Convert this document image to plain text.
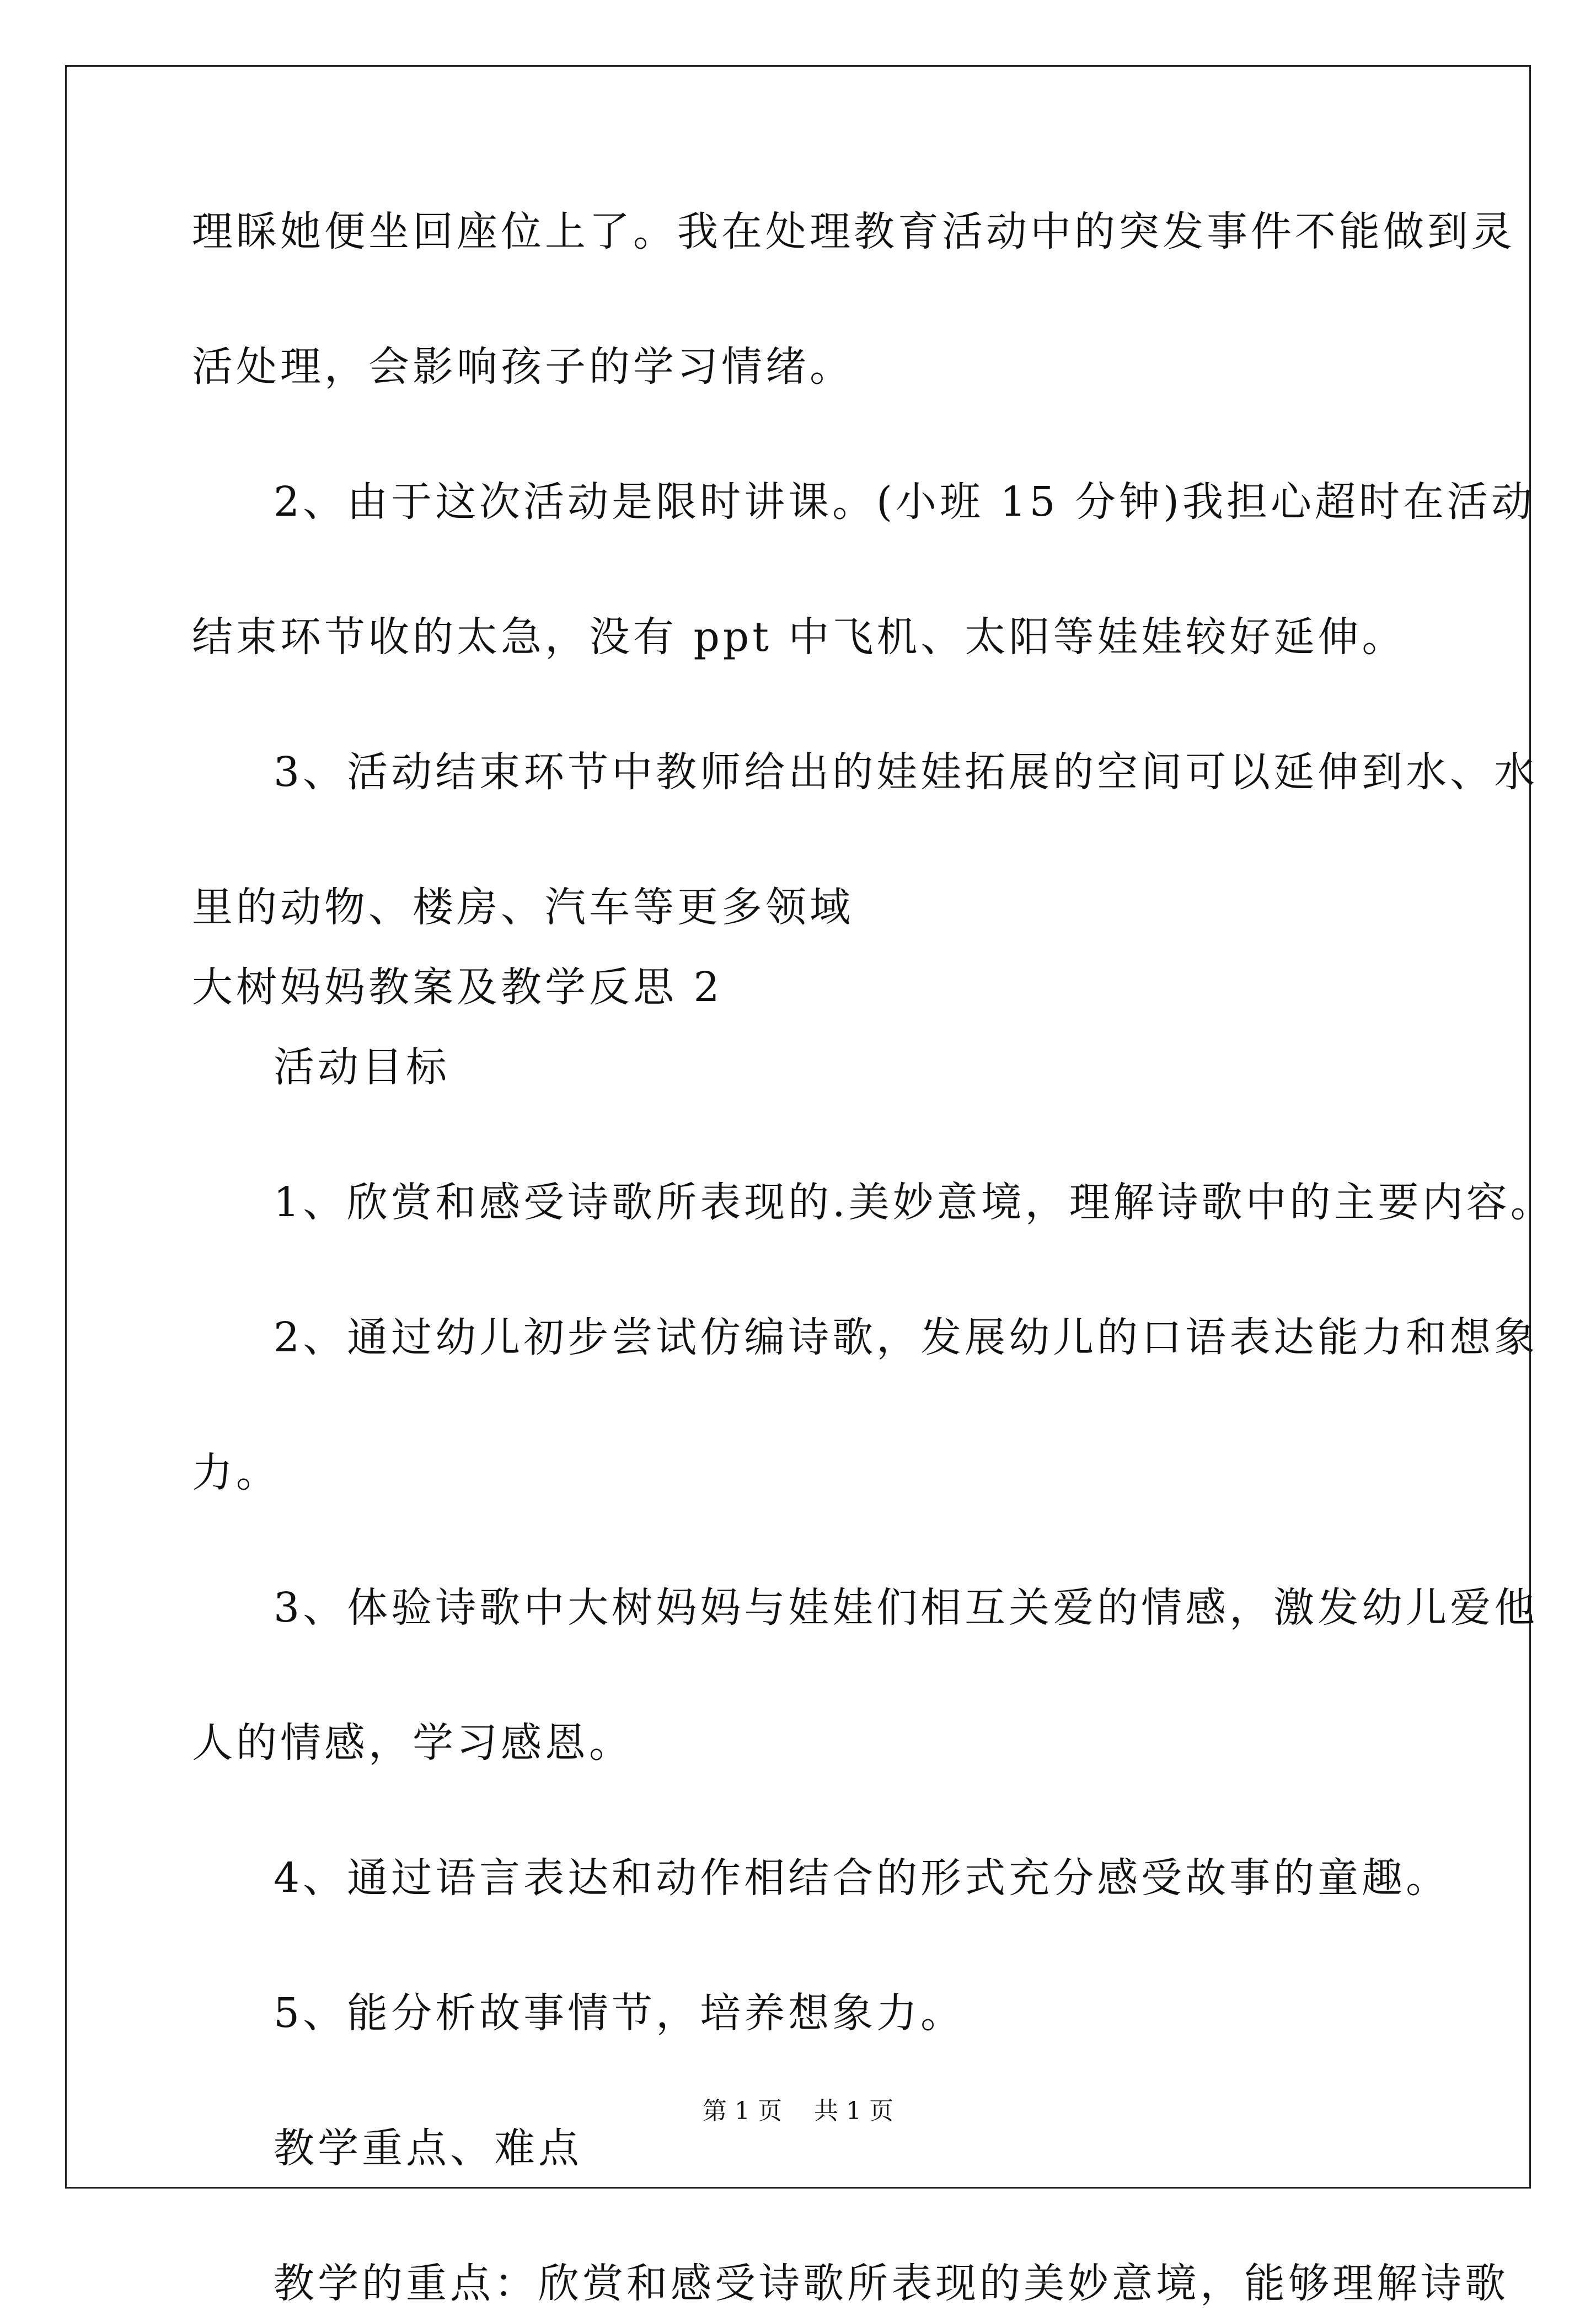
理睬她便坐回座位上了。我在处理教育活动中的突发事件不能做到灵
活处理，会影响孩子的学习情绪。
2、由于这次活动是限时讲课。(小班 15 分钟)我担心超时在活动
结束环节收的太急，没有 ppt 中飞机、太阳等娃娃较好延伸。
3、活动结束环节中教师给出的娃娃拓展的空间可以延伸到水、水
里的动物、楼房、汽车等更多领域
大树妈妈教案及教学反思 2
活动目标
1、欣赏和感受诗歌所表现的.美妙意境，理解诗歌中的主要内容。
2、通过幼儿初步尝试仿编诗歌，发展幼儿的口语表达能力和想象
力。
3、体验诗歌中大树妈妈与娃娃们相互关爱的情感，激发幼儿爱他
人的情感，学习感恩。
4、通过语言表达和动作相结合的形式充分感受故事的童趣。
5、能分析故事情节，培养想象力。
教学重点、难点
教学的重点：欣赏和感受诗歌所表现的美妙意境，能够理解诗歌
第 1 页 共 1 页
